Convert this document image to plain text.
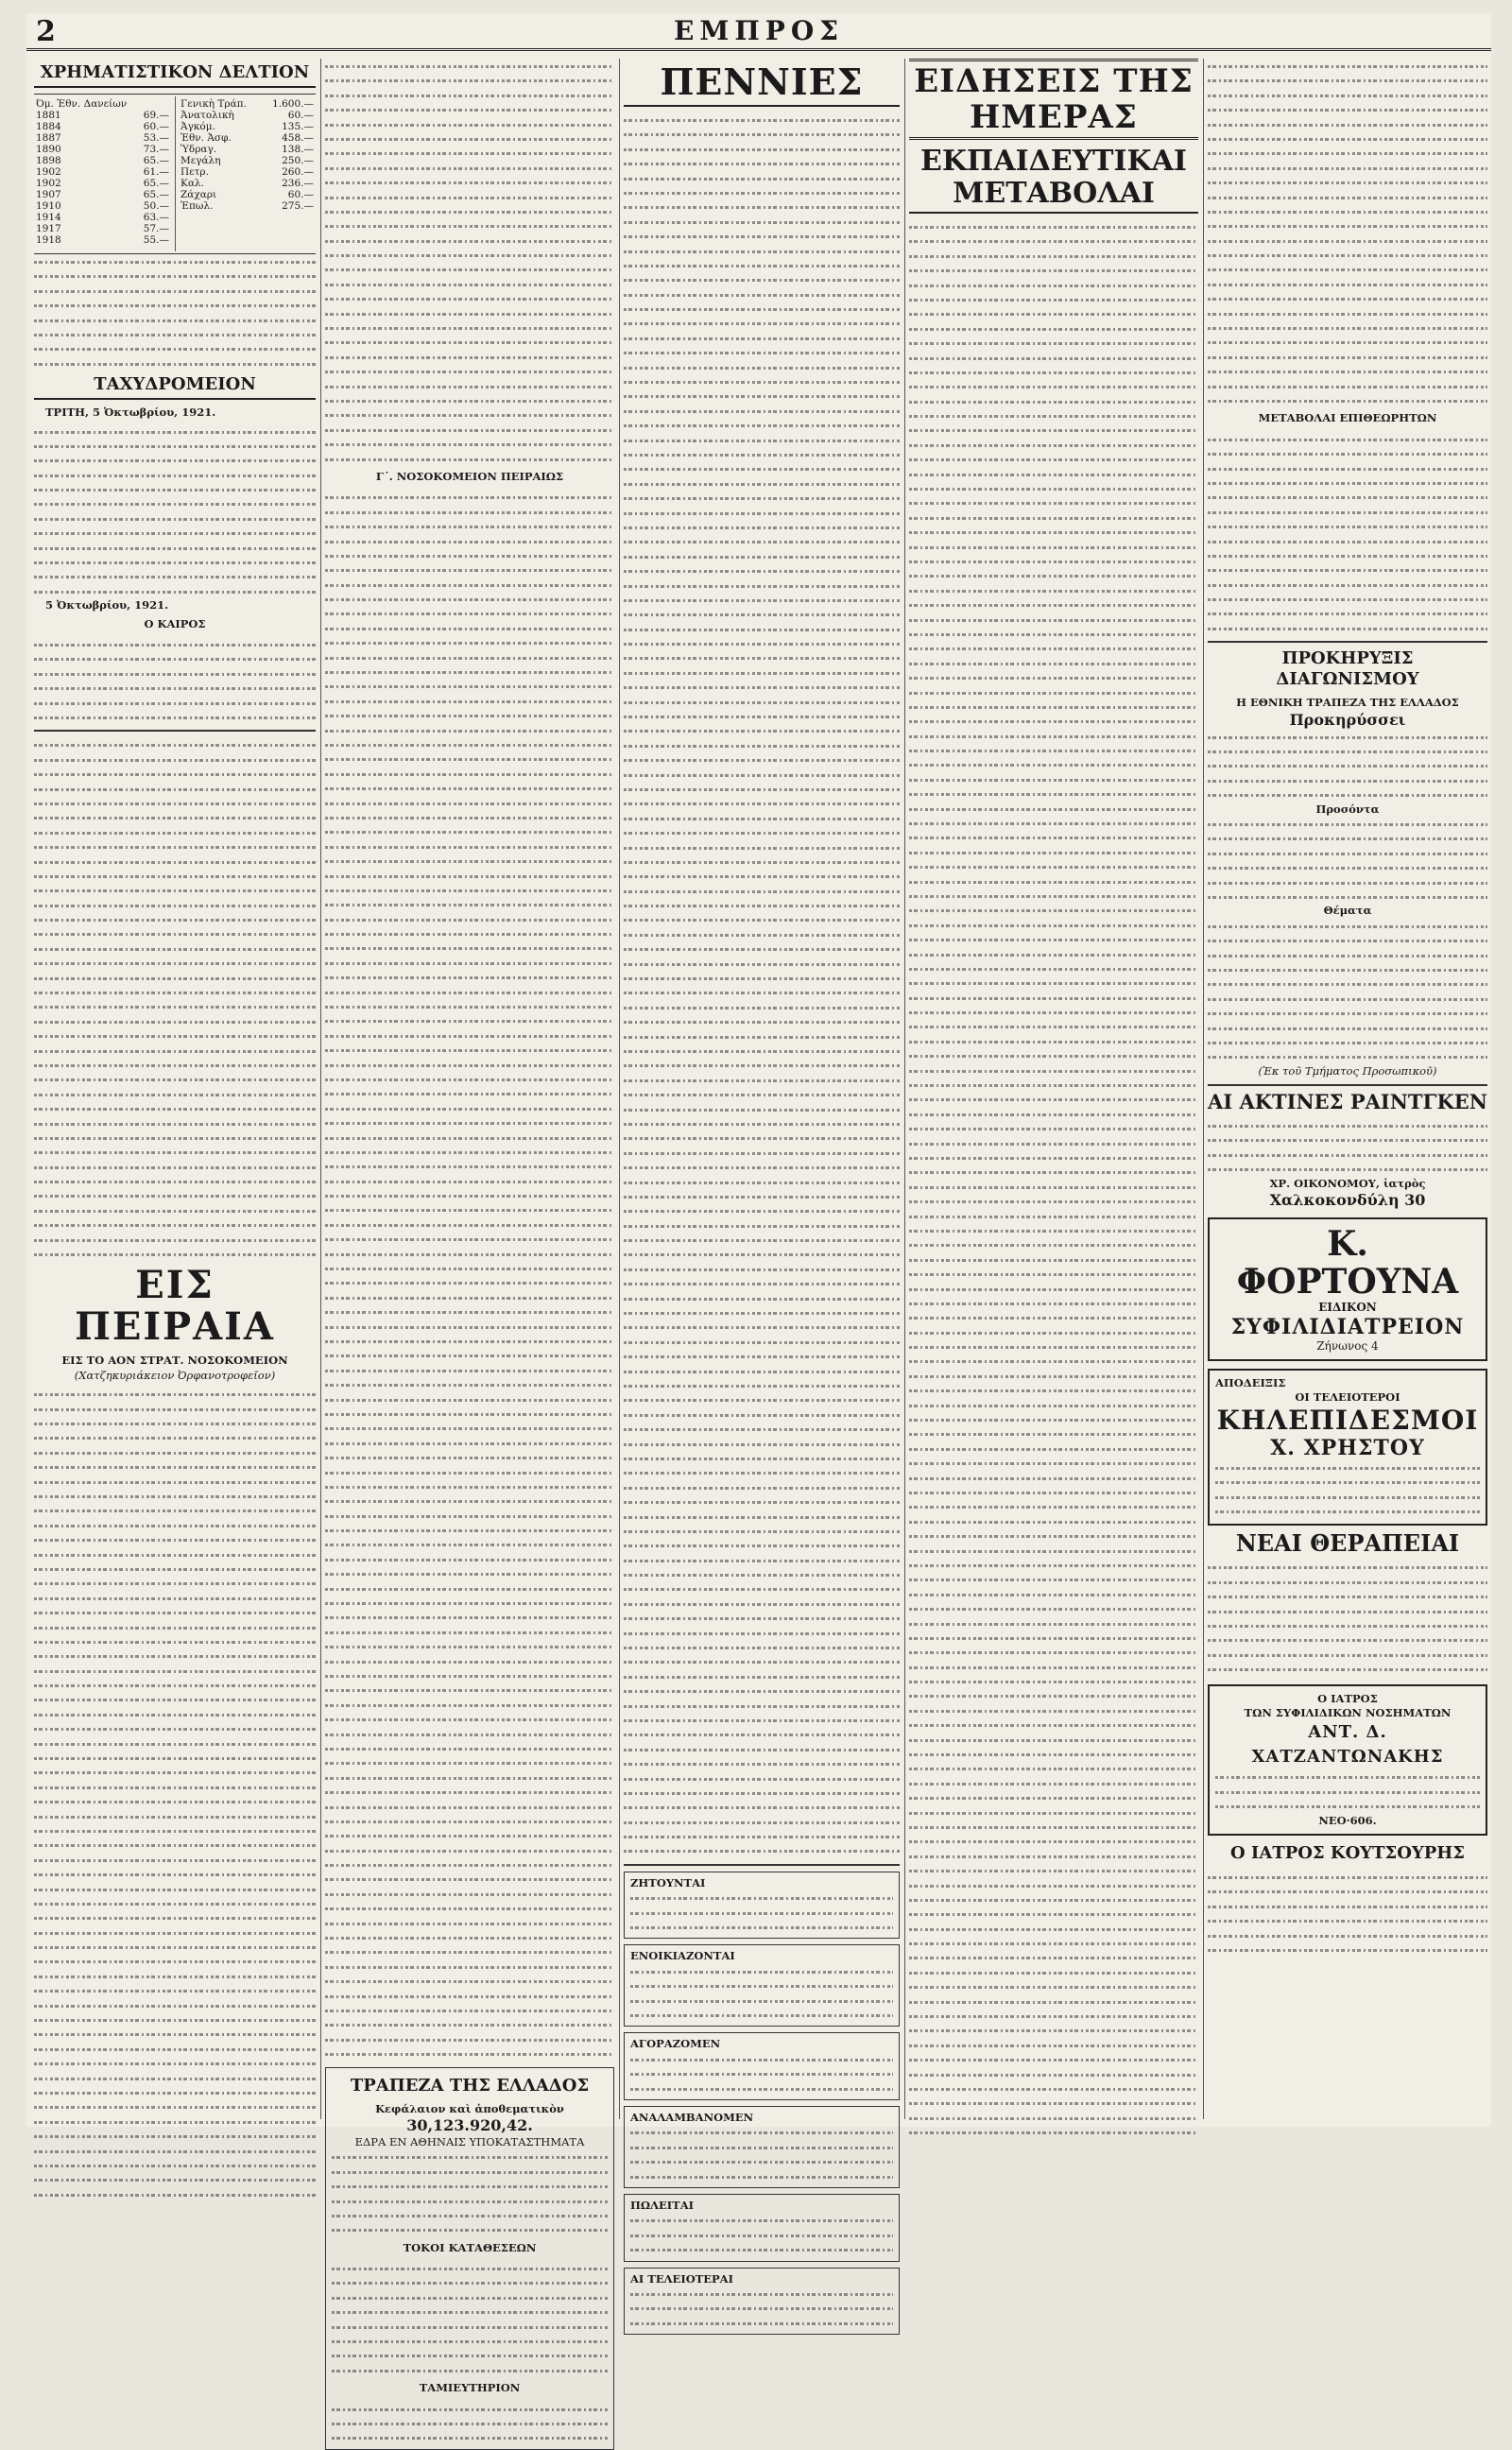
2	ΕΜΠΡΟΣ
ΧΡΗΜΑΤΙΣΤΙΚΟΝ ΔΕΛΤΙΟΝ
Όμ. Ἐθν. Δανείων	
1881	69.—
1884	60.—
1887	53.—
1890	73.—
1898	65.—
1902	61.—
1902	65.—
1907	65.—
1910	50.—
1914	63.—
1917	57.—
1918	55.—
Γενικὴ Τράπ.	1.600.—
Ἀνατολικὴ	60.—
Ἀγκόμ.	135.—
Ἐθν. Ἀσφ.	458.—
Ὑδραγ.	138.—
Μεγάλη	250.—
Πετρ.	260.—
Καλ.	236.—
Ζάχαρι	60.—
Ἐπωλ.	275.—
ΤΑΧΥΔΡΟΜΕΙΟΝ

ΤΡΙΤΗ, 5 Ὀκτωβρίου, 1921.

5 Ὀκτωβρίου, 1921.

Ο ΚΑΙΡΟΣ
ΕΙΣ ΠΕΙΡΑΙΑ
ΕΙΣ ΤΟ ΑΟΝ ΣΤΡΑΤ. ΝΟΣΟΚΟΜΕΙΟΝ
(Χατζηκυριάκειον Ὀρφανοτροφεῖον)
Γ΄. ΝΟΣΟΚΟΜΕΙΟΝ ΠΕΙΡΑΙΩΣ
ΤΡΑΠΕΖΑ ΤΗΣ ΕΛΛΑΔΟΣ
Κεφάλαιον καὶ ἀποθεματικὸν
30,123.920,42.
ΕΔΡΑ ΕΝ ΑΘΗΝΑΙΣ ΥΠΟΚΑΤΑΣΤΗΜΑΤΑ
ΤΟΚΟΙ ΚΑΤΑΘΕΣΕΩΝ
ΤΑΜΙΕΥΤΗΡΙΟΝ
ΠΕΝΝΙΕΣ
ΖΗΤΟΥΝΤΑΙ
ΕΝΟΙΚΙΑΖΟΝΤΑΙ
ΑΓΟΡΑΖΟΜΕΝ
ΑΝΑΛΑΜΒΑΝΟΜΕΝ
ΠΩΛΕΙΤΑΙ
ΑΙ ΤΕΛΕΙΟΤΕΡΑΙ
ΕΙΔΗΣΕΙΣ ΤΗΣ ΗΜΕΡΑΣ
ΕΚΠΑΙΔΕΥΤΙΚΑΙ ΜΕΤΑΒΟΛΑΙ
ΜΕΤΑΒΟΛΑΙ ΕΠΙΘΕΩΡΗΤΩΝ
ΠΡΟΚΗΡΥΞΙΣ ΔΙΑΓΩΝΙΣΜΟΥ
Η ΕΘΝΙΚΗ ΤΡΑΠΕΖΑ ΤΗΣ ΕΛΛΑΔΟΣ
Προκηρύσσει
Προσόντα
Θέματα
(Ἐκ τοῦ Τμήματος Προσωπικοῦ)
ΑΙ ΑΚΤΙΝΕΣ ΡΑΙΝΤΓΚΕΝ
ΧΡ. ΟΙΚΟΝΟΜΟΥ, ἰατρὸς
Χαλκοκονδύλη 30
Κ. ΦΟΡΤΟΥΝΑ
ΕΙΔΙΚΟΝ
ΣΥΦΙΛΙΔΙΑΤΡΕΙΟΝ
Ζήνωνος 4
ΑΠΟΔΕΙΞΙΣ
ΟΙ ΤΕΛΕΙΟΤΕΡΟΙ
ΚΗΛΕΠΙΔΕΣΜΟΙ
Χ. ΧΡΗΣΤΟΥ
ΝΕΑΙ ΘΕΡΑΠΕΙΑΙ
Ο ΙΑΤΡΟΣ
ΤΩΝ ΣΥΦΙΛΙΔΙΚΩΝ ΝΟΣΗΜΑΤΩΝ
ΑΝΤ. Δ. ΧΑΤΖΑΝΤΩΝΑΚΗΣ
ΝΕΟ·606.
Ο ΙΑΤΡΟΣ ΚΟΥΤΣΟΥΡΗΣ
